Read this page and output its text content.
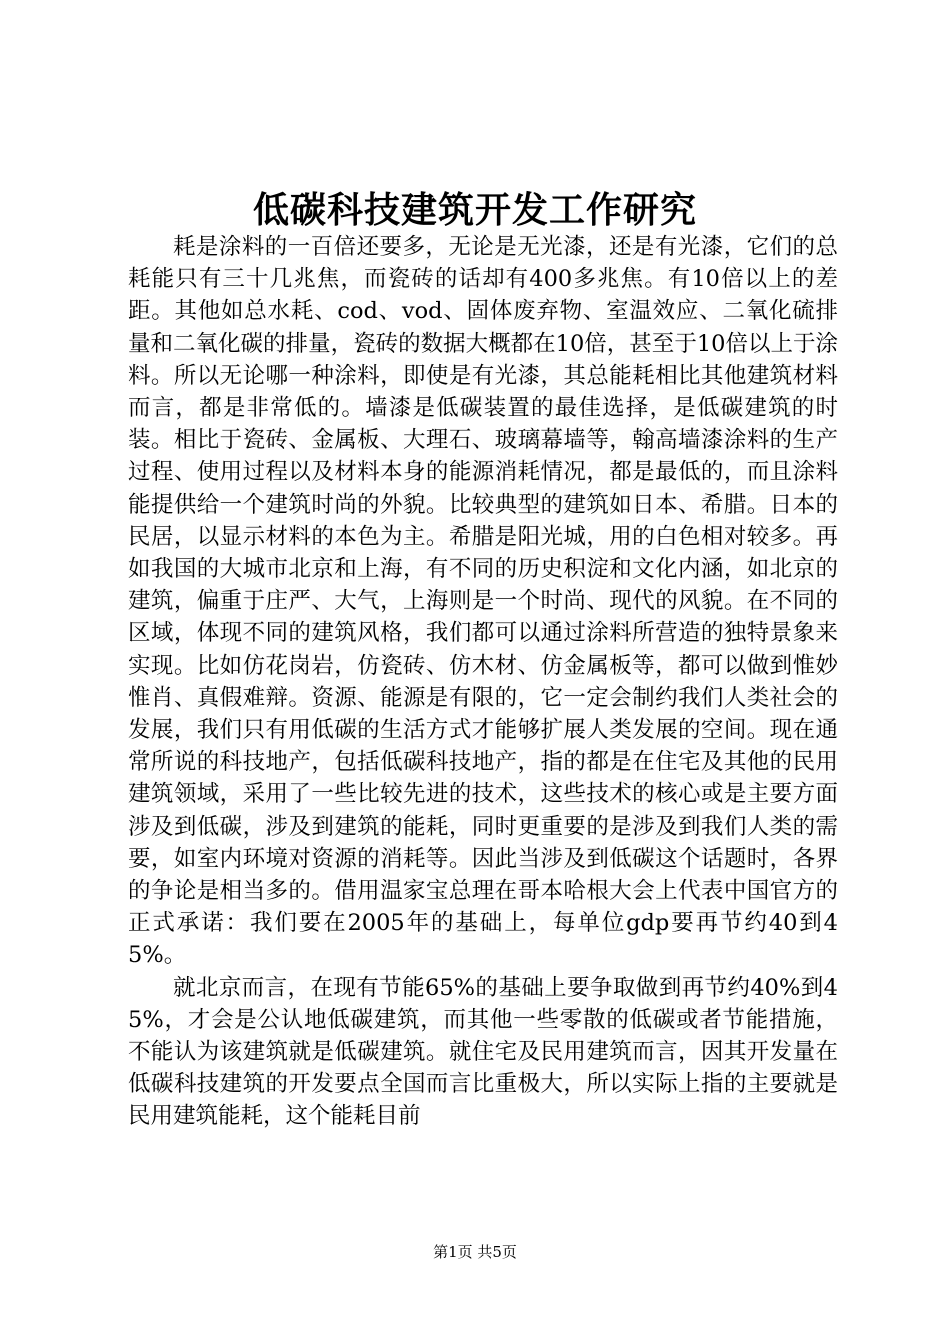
低碳科技建筑开发工作研究

耗是涂料的一百倍还要多，无论是无光漆，还是有光漆，它们的总耗能只有三十几兆焦，而瓷砖的话却有400多兆焦。有10倍以上的差距。其他如总水耗、cod、vod、固体废弃物、室温效应、二氧化硫排量和二氧化碳的排量，瓷砖的数据大概都在10倍，甚至于10倍以上于涂料。所以无论哪一种涂料，即使是有光漆，其总能耗相比其他建筑材料而言，都是非常低的。墙漆是低碳装置的最佳选择，是低碳建筑的时装。相比于瓷砖、金属板、大理石、玻璃幕墙等，翰高墙漆涂料的生产过程、使用过程以及材料本身的能源消耗情况，都是最低的，而且涂料能提供给一个建筑时尚的外貌。比较典型的建筑如日本、希腊。日本的民居，以显示材料的本色为主。希腊是阳光城，用的白色相对较多。再如我国的大城市北京和上海，有不同的历史积淀和文化内涵，如北京的建筑，偏重于庄严、大气，上海则是一个时尚、现代的风貌。在不同的区域，体现不同的建筑风格，我们都可以通过涂料所营造的独特景象来实现。比如仿花岗岩，仿瓷砖、仿木材、仿金属板等，都可以做到惟妙惟肖、真假难辩。资源、能源是有限的，它一定会制约我们人类社会的发展，我们只有用低碳的生活方式才能够扩展人类发展的空间。现在通常所说的科技地产，包括低碳科技地产，指的都是在住宅及其他的民用建筑领域，采用了一些比较先进的技术，这些技术的核心或是主要方面涉及到低碳，涉及到建筑的能耗，同时更重要的是涉及到我们人类的需要，如室内环境对资源的消耗等。因此当涉及到低碳这个话题时，各界的争论是相当多的。借用温家宝总理在哥本哈根大会上代表中国官方的正式承诺：我们要在2005年的基础上，每单位gdp要再节约40到45%。

就北京而言，在现有节能65%的基础上要争取做到再节约40%到45%，才会是公认地低碳建筑，而其他一些零散的低碳或者节能措施，不能认为该建筑就是低碳建筑。就住宅及民用建筑而言，因其开发量在低碳科技建筑的开发要点全国而言比重极大，所以实际上指的主要就是民用建筑能耗，这个能耗目前

第1页 共5页
